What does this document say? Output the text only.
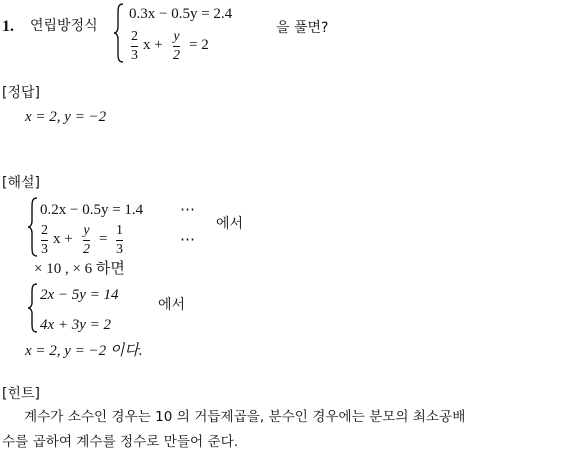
1. 연립방정식
0.3x − 0.5y = 2.4
2
3
x +
y
2
= 2
을 풀면?
[정답]
x = 2, y = −2
[해설]
0.2x − 0.5y = 1.4 ⋯
2
3
x +
y
2
=
1
3
⋯
에서
× 10 , × 6 하면
2x − 5y = 14
4x + 3y = 2
에서
x = 2, y = −2 이다.
[힌트]
계수가 소수인 경우는 10 의 거듭제곱을, 분수인 경우에는 분모의 최소공배
수를 곱하여 계수를 정수로 만들어 준다.
